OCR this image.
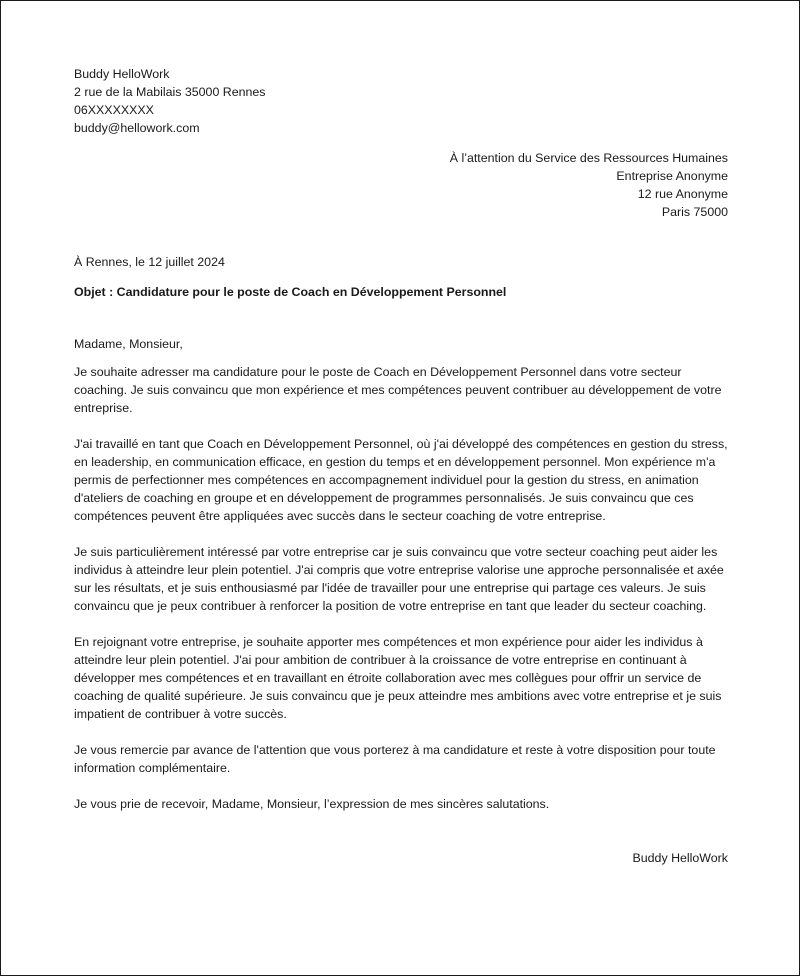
Buddy HelloWork
2 rue de la Mabilais 35000 Rennes
06XXXXXXXX
buddy@hellowork.com
À l’attention du Service des Ressources Humaines
Entreprise Anonyme
12 rue Anonyme
Paris 75000
À Rennes, le 12 juillet 2024
Objet : Candidature pour le poste de Coach en Développement Personnel
Madame, Monsieur,

Je souhaite adresser ma candidature pour le poste de Coach en Développement Personnel dans votre secteur coaching. Je suis convaincu que mon expérience et mes compétences peuvent contribuer au développement de votre entreprise.

J'ai travaillé en tant que Coach en Développement Personnel, où j'ai développé des compétences en gestion du stress, en leadership, en communication efficace, en gestion du temps et en développement personnel. Mon expérience m'a permis de perfectionner mes compétences en accompagnement individuel pour la gestion du stress, en animation d'ateliers de coaching en groupe et en développement de programmes personnalisés. Je suis convaincu que ces compétences peuvent être appliquées avec succès dans le secteur coaching de votre entreprise.

Je suis particulièrement intéressé par votre entreprise car je suis convaincu que votre secteur coaching peut aider les individus à atteindre leur plein potentiel. J'ai compris que votre entreprise valorise une approche personnalisée et axée sur les résultats, et je suis enthousiasmé par l'idée de travailler pour une entreprise qui partage ces valeurs. Je suis convaincu que je peux contribuer à renforcer la position de votre entreprise en tant que leader du secteur coaching.

En rejoignant votre entreprise, je souhaite apporter mes compétences et mon expérience pour aider les individus à atteindre leur plein potentiel. J'ai pour ambition de contribuer à la croissance de votre entreprise en continuant à développer mes compétences et en travaillant en étroite collaboration avec mes collègues pour offrir un service de coaching de qualité supérieure. Je suis convaincu que je peux atteindre mes ambitions avec votre entreprise et je suis impatient de contribuer à votre succès.

Je vous remercie par avance de l'attention que vous porterez à ma candidature et reste à votre disposition pour toute information complémentaire.

Je vous prie de recevoir, Madame, Monsieur, l’expression de mes sincères salutations.
Buddy HelloWork
